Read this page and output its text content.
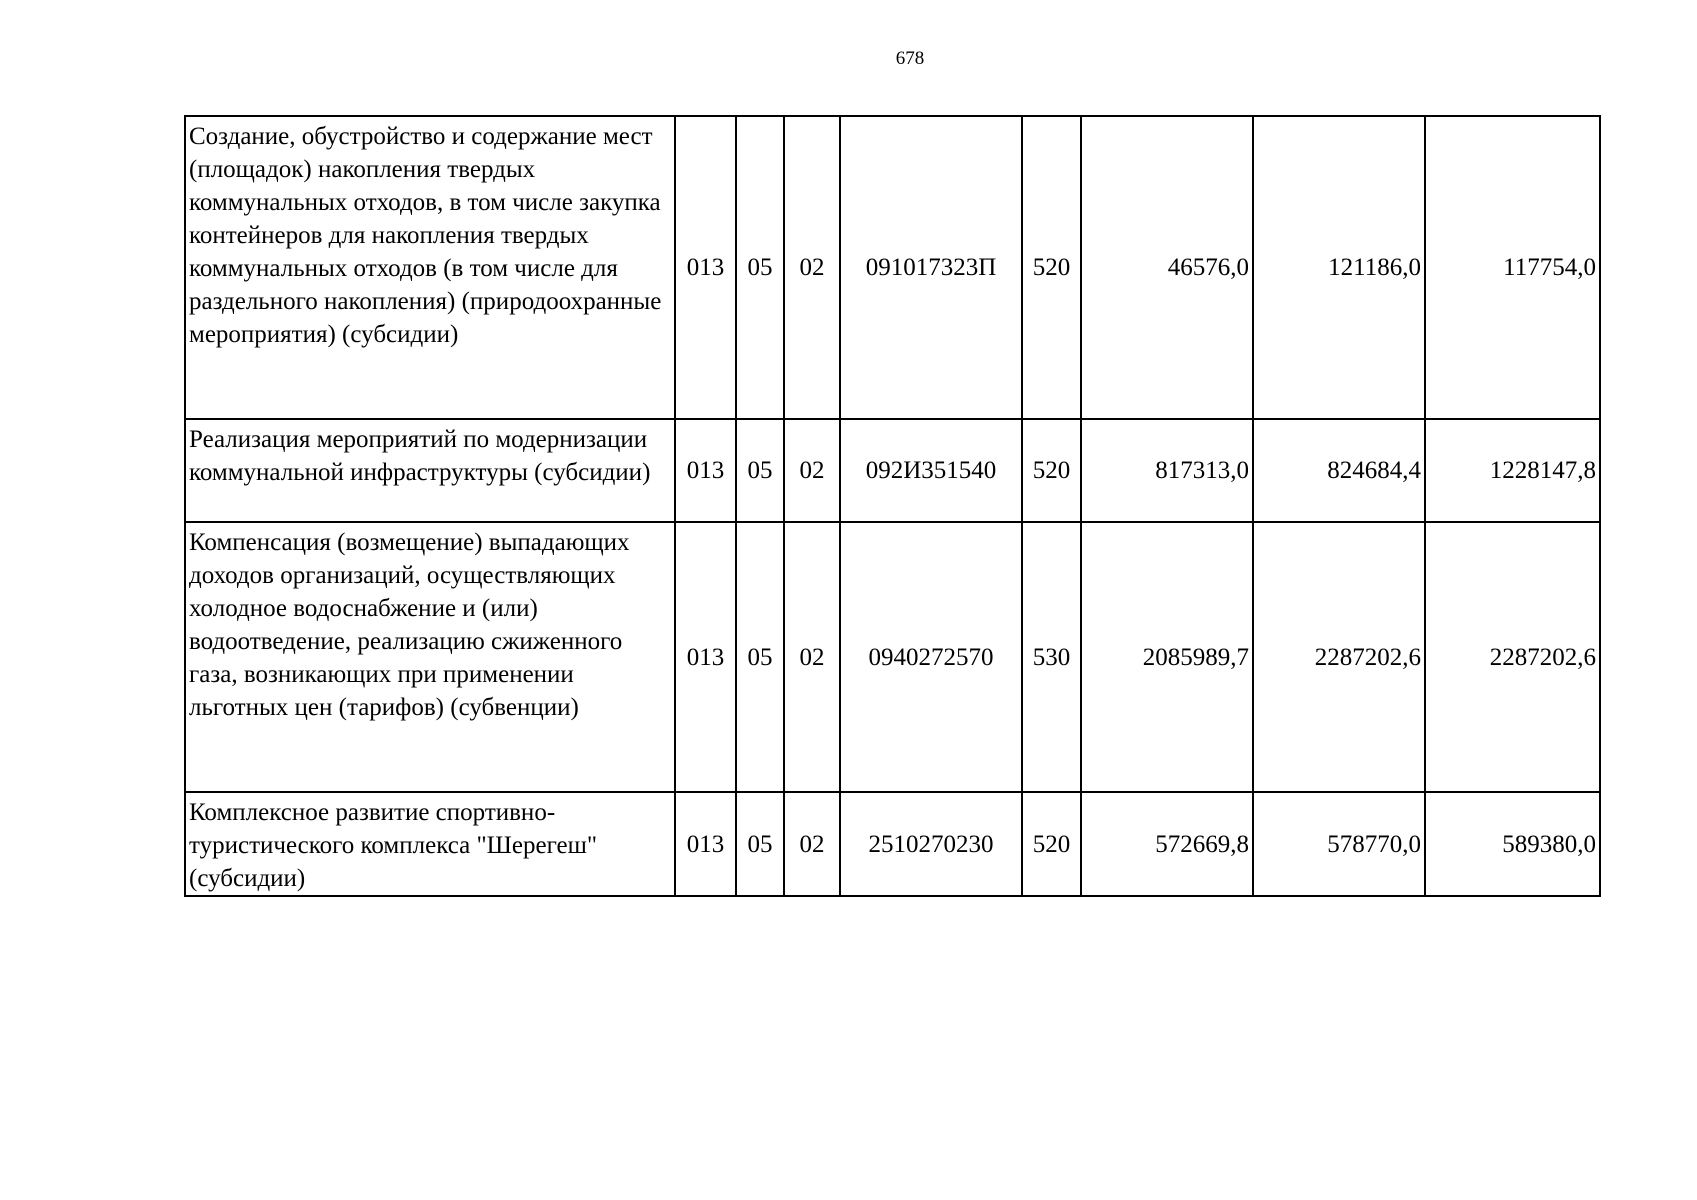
678
Создание, обустройство и содержание мест (площадок) накопления твердых коммунальных отходов, в том числе закупка контейнеров для накопления твердых коммунальных отходов (в том числе для раздельного накопления) (природоохранные мероприятия) (субсидии)	013	05	02	091017323П	520	46576,0	121186,0	117754,0
Реализация мероприятий по модернизации коммунальной инфраструктуры (субсидии)	013	05	02	092И351540	520	817313,0	824684,4	1228147,8
Компенсация (возмещение) выпадающих доходов организаций, осуществляющих холодное водоснабжение и (или) водоотведение, реализацию сжиженного газа, возникающих при применении льготных цен (тарифов) (субвенции)	013	05	02	0940272570	530	2085989,7	2287202,6	2287202,6
Комплексное развитие спортивно-туристического комплекса "Шерегеш" (субсидии)	013	05	02	2510270230	520	572669,8	578770,0	589380,0
